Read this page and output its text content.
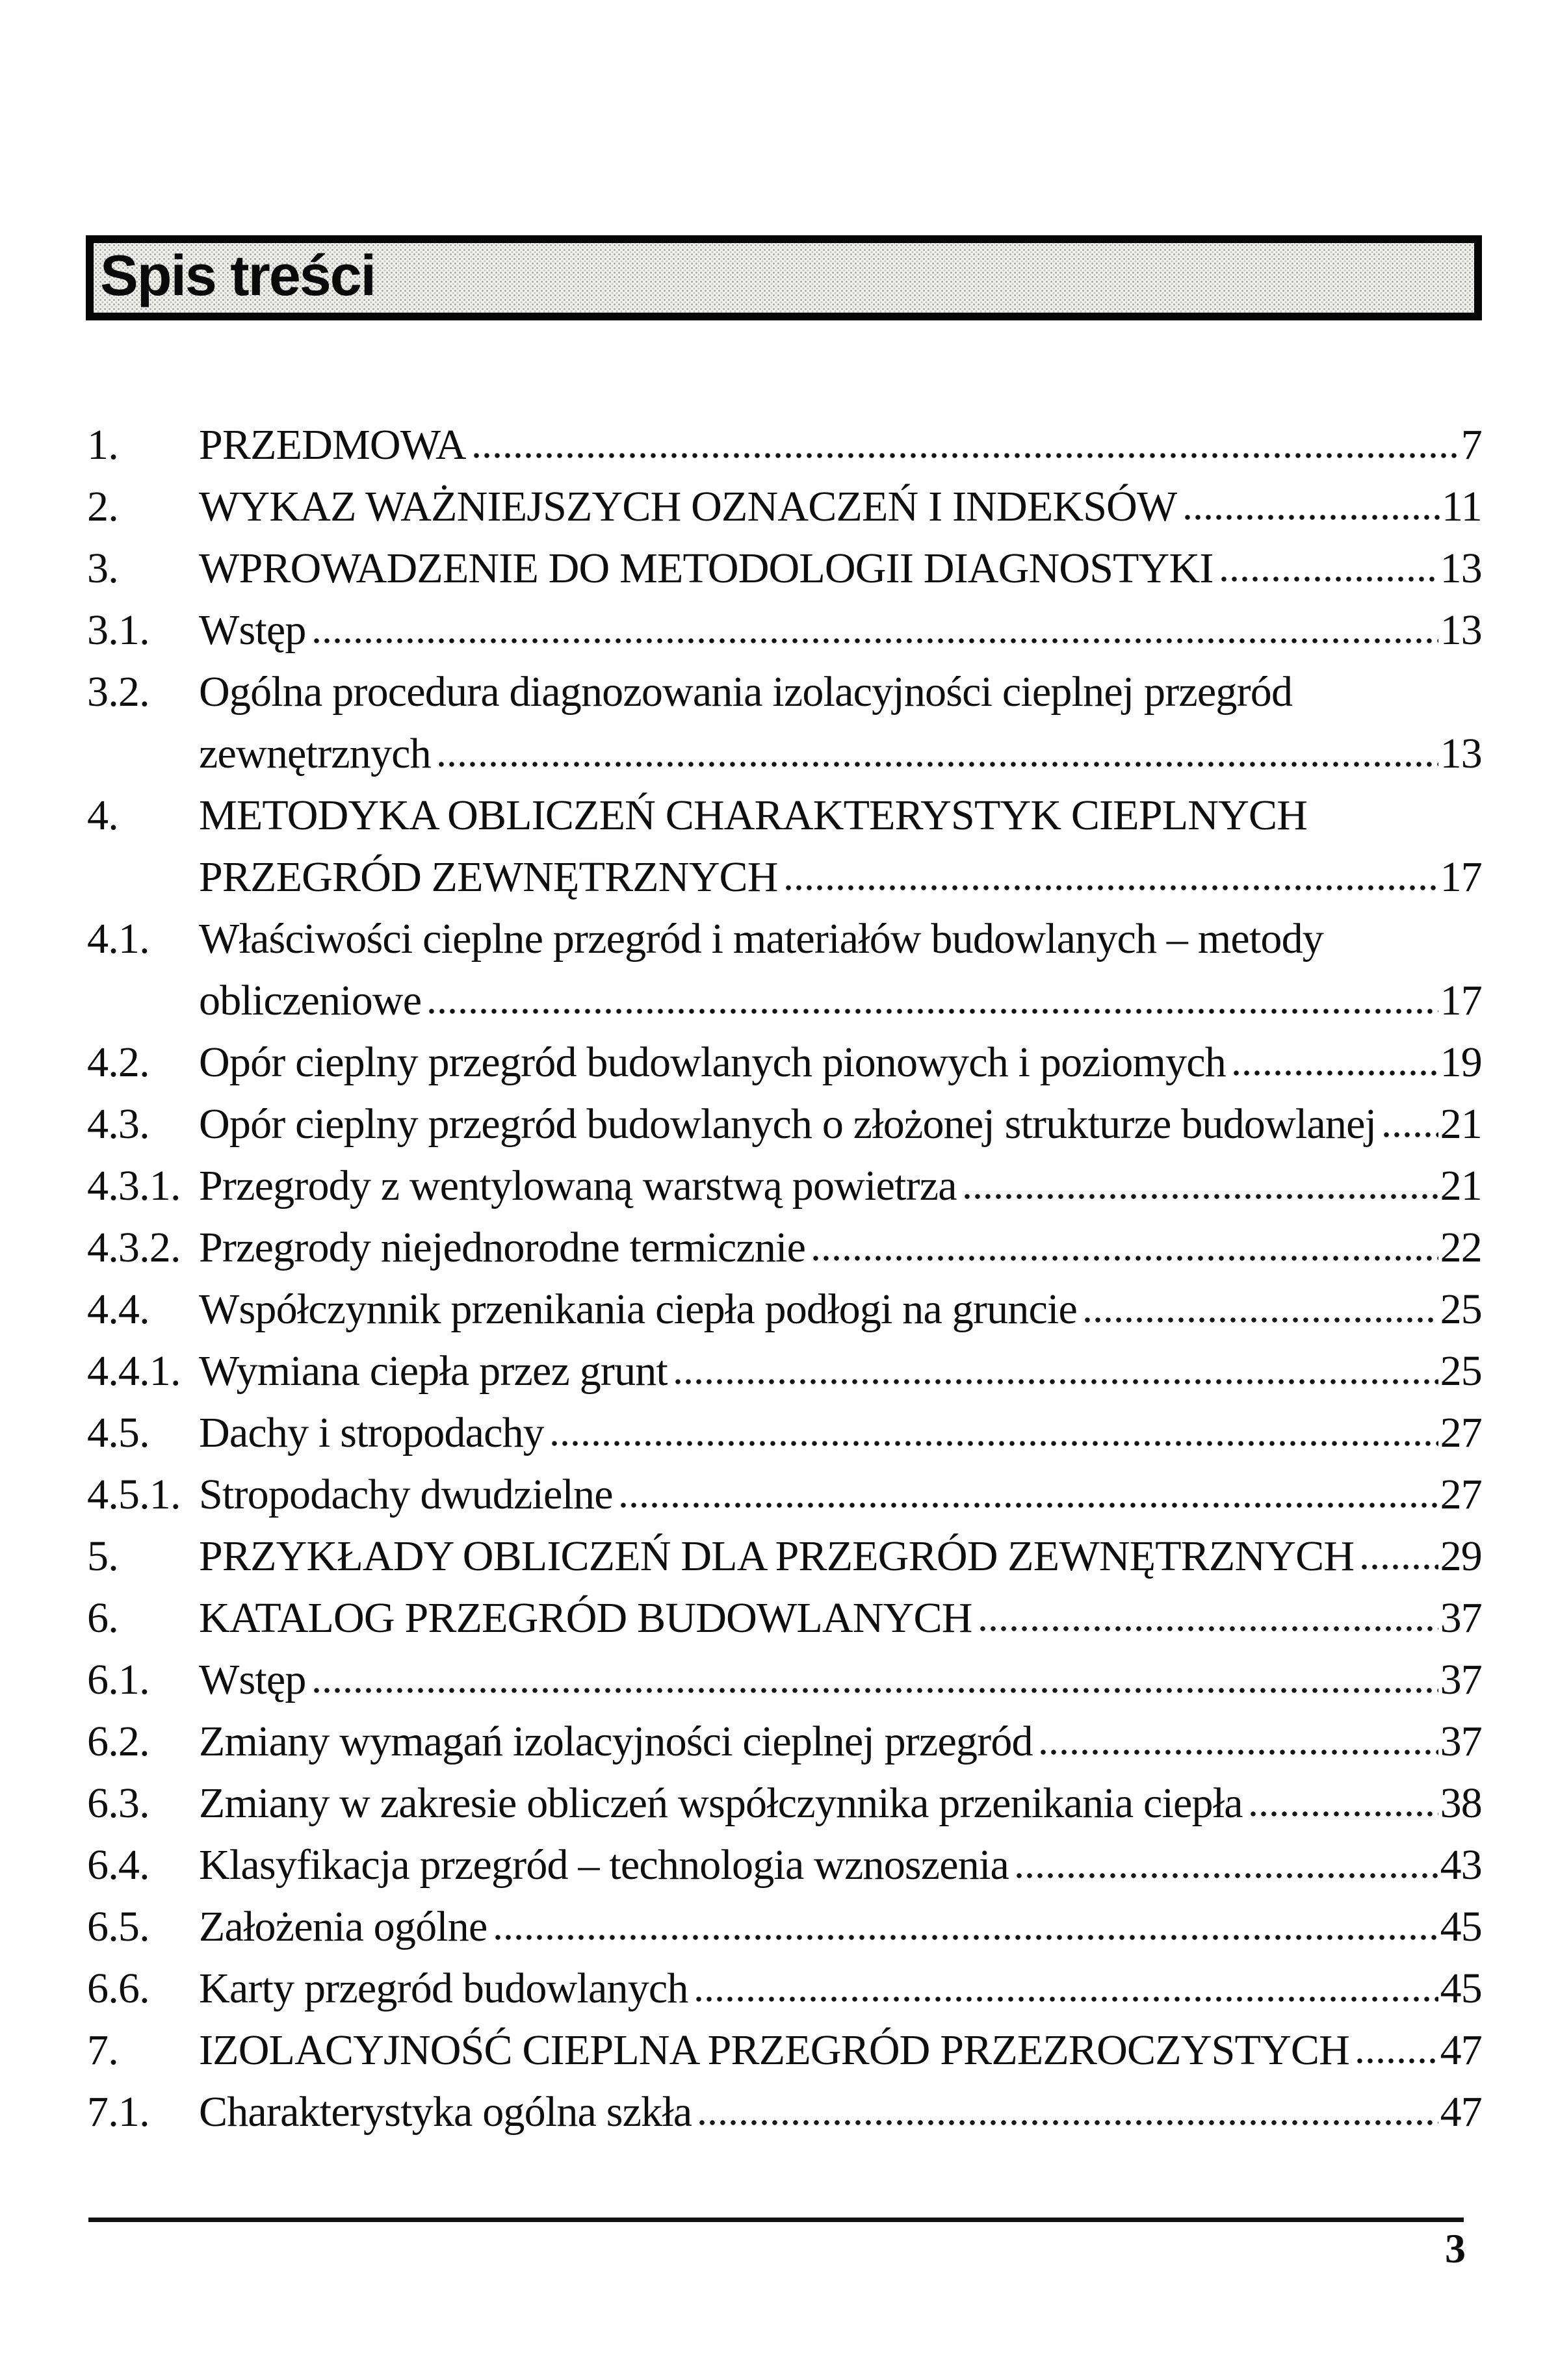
Spis treści
1.	PRZEDMOWA	7
2.	WYKAZ WAŻNIEJSZYCH OZNACZEŃ I INDEKSÓW	11
3.	WPROWADZENIE DO METODOLOGII DIAGNOSTYKI	13
3.1.	Wstęp	13
3.2.	Ogólna procedura diagnozowania izolacyjności cieplnej przegród
zewnętrznych	13
4.	METODYKA OBLICZEŃ CHARAKTERYSTYK CIEPLNYCH
PRZEGRÓD ZEWNĘTRZNYCH	17
4.1.	Właściwości cieplne przegród i materiałów budowlanych – metody
obliczeniowe	17
4.2.	Opór cieplny przegród budowlanych pionowych i poziomych	19
4.3.	Opór cieplny przegród budowlanych o złożonej strukturze budowlanej 21
4.3.1. Przegrody z wentylowaną warstwą powietrza	21
4.3.2. Przegrody niejednorodne termicznie	22
4.4.	Współczynnik przenikania ciepła podłogi na gruncie	25
4.4.1. Wymiana ciepła przez grunt	25
4.5.	Dachy i stropodachy	27
4.5.1. Stropodachy dwudzielne	27
5.	PRZYKŁADY OBLICZEŃ DLA PRZEGRÓD ZEWNĘTRZNYCH 29
6.	KATALOG PRZEGRÓD BUDOWLANYCH	37
6.1.	Wstęp	37
6.2.	Zmiany wymagań izolacyjności cieplnej przegród	37
6.3.	Zmiany w zakresie obliczeń współczynnika przenikania ciepła	38
6.4.	Klasyfikacja przegród – technologia wznoszenia	43
6.5.	Założenia ogólne	45
6.6.	Karty przegród budowlanych	45
7.	IZOLACYJNOŚĆ CIEPLNA PRZEGRÓD PRZEZROCZYSTYCH 47
7.1.	Charakterystyka ogólna szkła	47
3
